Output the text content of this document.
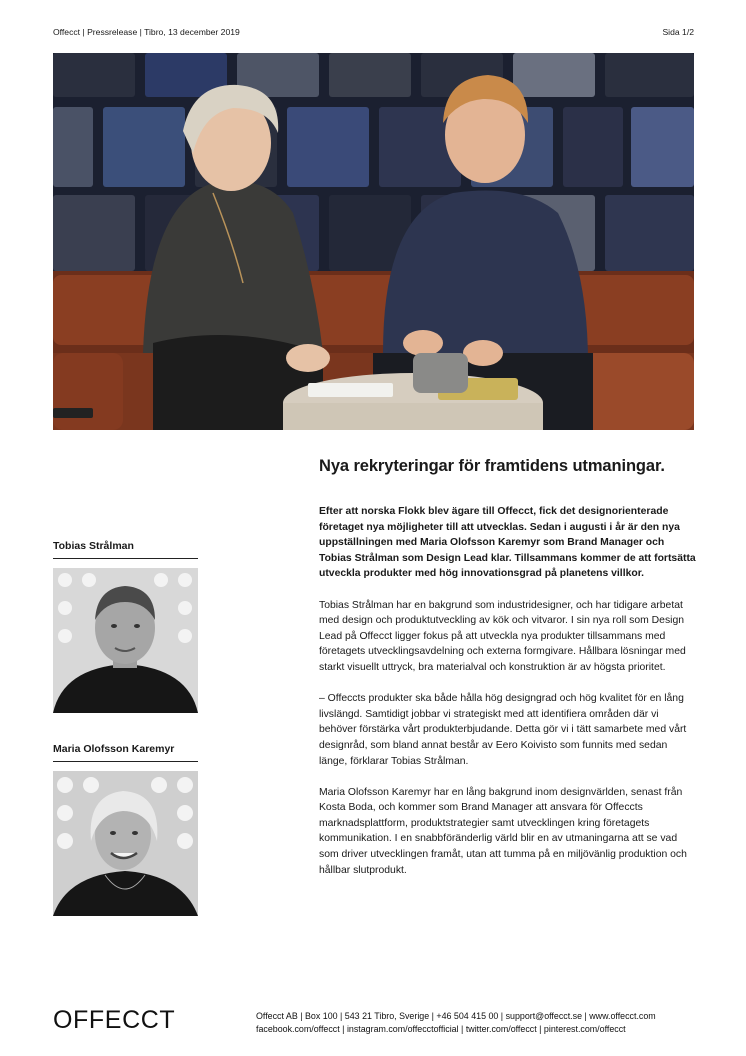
Offecct | Pressrelease | Tibro, 13 december 2019	Sida 1/2
Tobias Strålman
Maria Olofsson Karemyr
Nya rekryteringar för framtidens utmaningar.

Efter att norska Flokk blev ägare till Offecct, fick det designorienterade företaget nya möjligheter till att utvecklas. Sedan i augusti i år är den nya uppställningen med Maria Olofsson Karemyr som Brand Manager och Tobias Strålman som Design Lead klar. Tillsammans kommer de att fortsätta utveckla produkter med hög innovationsgrad på planetens villkor.

Tobias Strålman har en bakgrund som industridesigner, och har tidigare arbetat med design och produktutveckling av kök och vitvaror. I sin nya roll som Design Lead på Offecct ligger fokus på att utveckla nya produkter tillsammans med företagets utvecklingsavdelning och externa formgivare. Hållbara lösningar med starkt visuellt uttryck, bra materialval och konstruktion är av högsta prioritet.

– Offeccts produkter ska både hålla hög designgrad och hög kvalitet för en lång livslängd. Samtidigt jobbar vi strategiskt med att identifiera områden där vi behöver förstärka vårt produkterbjudande. Detta gör vi i tätt samarbete med vårt designråd, som bland annat består av Eero Koivisto som funnits med sedan länge, förklarar Tobias Strålman.

Maria Olofsson Karemyr har en lång bakgrund inom designvärlden, senast från Kosta Boda, och kommer som Brand Manager att ansvara för Offeccts marknadsplattform, produktstrategier samt utvecklingen kring företagets kommunikation. I en snabbföränderlig värld blir en av utmaningarna att se vad som driver utvecklingen framåt, utan att tumma på en miljövänlig produktion och hållbar slutprodukt.

OFFECCT	Offecct AB | Box 100 | 543 21 Tibro, Sverige | +46 504 415 00 | support@offecct.se | www.offecct.com
facebook.com/offecct | instagram.com/offecctofficial | twitter.com/offecct | pinterest.com/offecct
